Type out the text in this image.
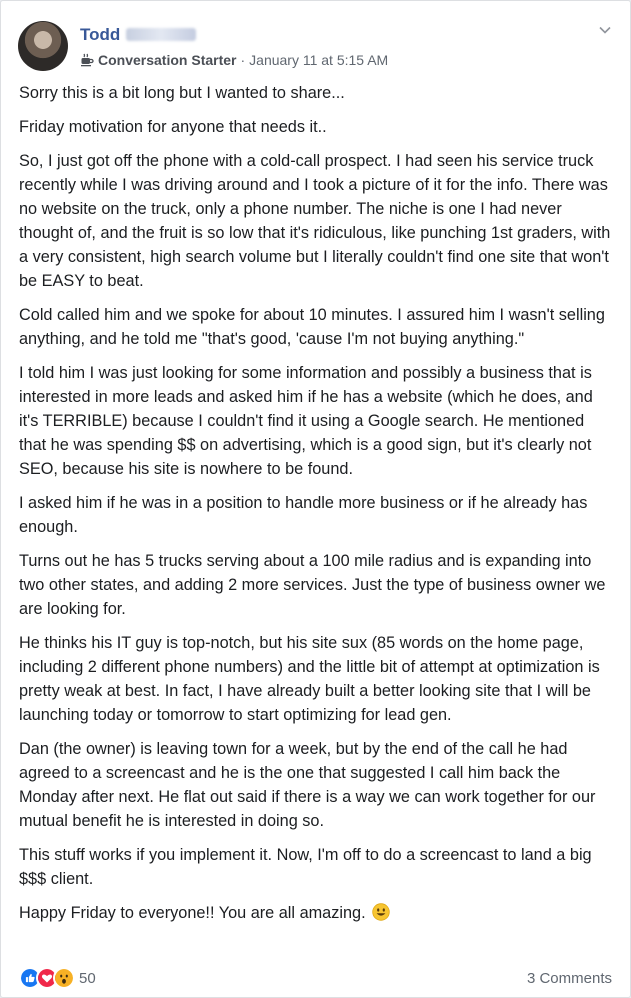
Todd
Conversation Starter · January 11 at 5:15 AM

Sorry this is a bit long but I wanted to share...

Friday motivation for anyone that needs it..

So, I just got off the phone with a cold-call prospect. I had seen his service truck recently while I was driving around and I took a picture of it for the info. There was no website on the truck, only a phone number. The niche is one I had never thought of, and the fruit is so low that it's ridiculous, like punching 1st graders, with a very consistent, high search volume but I literally couldn't find one site that won't be EASY to beat.

Cold called him and we spoke for about 10 minutes. I assured him I wasn't selling anything, and he told me "that's good, 'cause I'm not buying anything."

I told him I was just looking for some information and possibly a business that is interested in more leads and asked him if he has a website (which he does, and it's TERRIBLE) because I couldn't find it using a Google search. He mentioned that he was spending $$ on advertising, which is a good sign, but it's clearly not SEO, because his site is nowhere to be found.

I asked him if he was in a position to handle more business or if he already has enough.

Turns out he has 5 trucks serving about a 100 mile radius and is expanding into two other states, and adding 2 more services. Just the type of business owner we are looking for.

He thinks his IT guy is top-notch, but his site sux (85 words on the home page, including 2 different phone numbers) and the little bit of attempt at optimization is pretty weak at best. In fact, I have already built a better looking site that I will be launching today or tomorrow to start optimizing for lead gen.

Dan (the owner) is leaving town for a week, but by the end of the call he had agreed to a screencast and he is the one that suggested I call him back the Monday after next. He flat out said if there is a way we can work together for our mutual benefit he is interested in doing so.

This stuff works if you implement it. Now, I'm off to do a screencast to land a big $$$ client.

Happy Friday to everyone!! You are all amazing.

50	3 Comments
